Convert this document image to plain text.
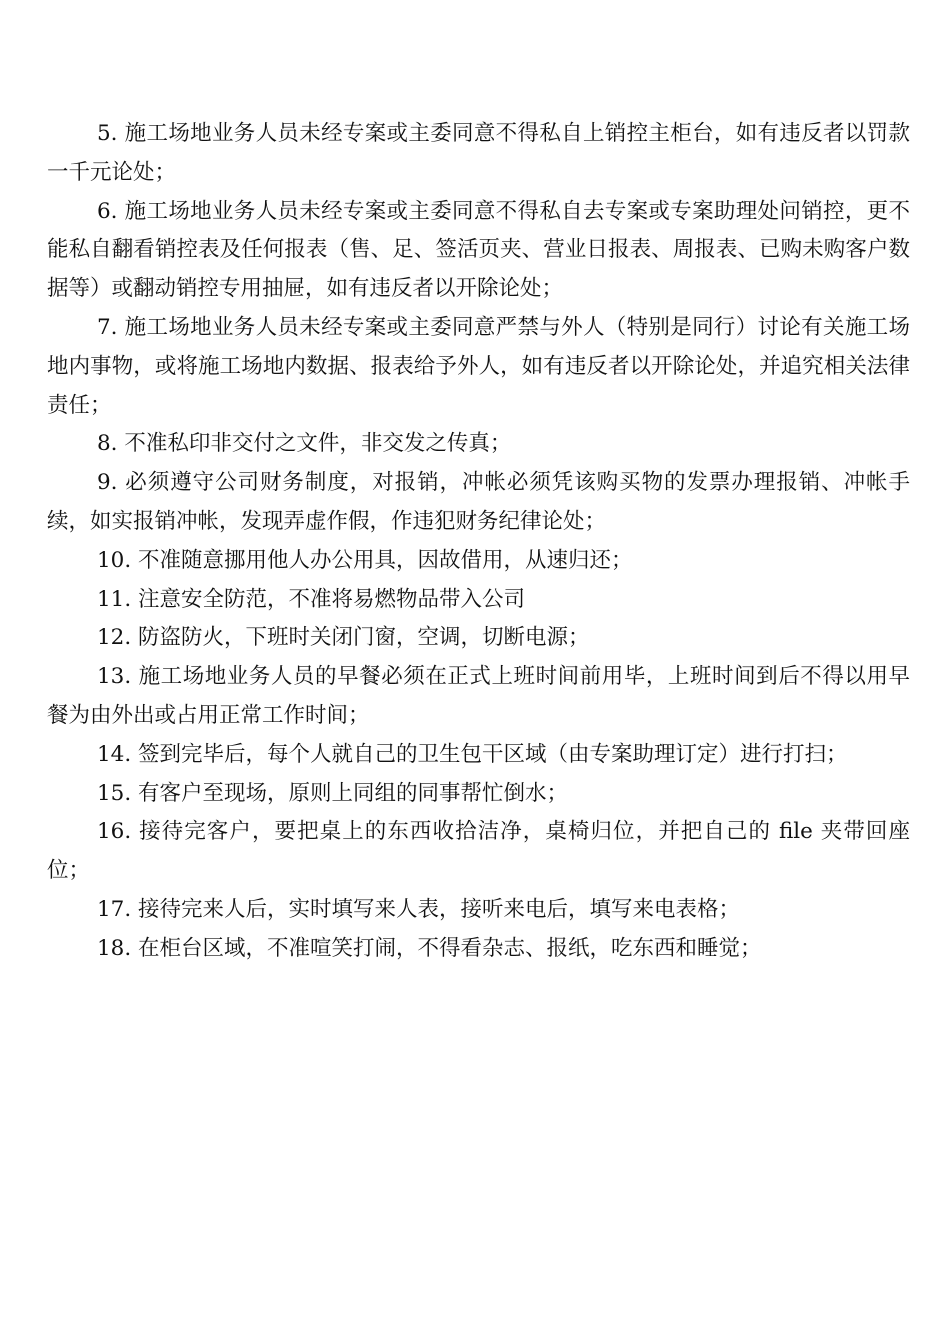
5. 施工场地业务人员未经专案或主委同意不得私自上销控主柜台，如有违反者以罚款一千元论处；

6. 施工场地业务人员未经专案或主委同意不得私自去专案或专案助理处问销控，更不能私自翻看销控表及任何报表（售、足、签活页夹、营业日报表、周报表、已购未购客户数据等）或翻动销控专用抽屉，如有违反者以开除论处；

7. 施工场地业务人员未经专案或主委同意严禁与外人（特别是同行）讨论有关施工场地内事物，或将施工场地内数据、报表给予外人，如有违反者以开除论处，并追究相关法律责任；

8. 不准私印非交付之文件，非交发之传真；

9. 必须遵守公司财务制度，对报销，冲帐必须凭该购买物的发票办理报销、冲帐手续，如实报销冲帐，发现弄虚作假，作违犯财务纪律论处；

10. 不准随意挪用他人办公用具，因故借用，从速归还；

11. 注意安全防范，不准将易燃物品带入公司

12. 防盗防火，下班时关闭门窗，空调，切断电源；

13. 施工场地业务人员的早餐必须在正式上班时间前用毕，上班时间到后不得以用早餐为由外出或占用正常工作时间；

14. 签到完毕后，每个人就自己的卫生包干区域（由专案助理订定）进行打扫；

15. 有客户至现场，原则上同组的同事帮忙倒水；

16. 接待完客户，要把桌上的东西收拾洁净，桌椅归位，并把自己的 file 夹带回座位；

17. 接待完来人后，实时填写来人表，接听来电后，填写来电表格；

18. 在柜台区域，不准喧笑打闹，不得看杂志、报纸，吃东西和睡觉；
